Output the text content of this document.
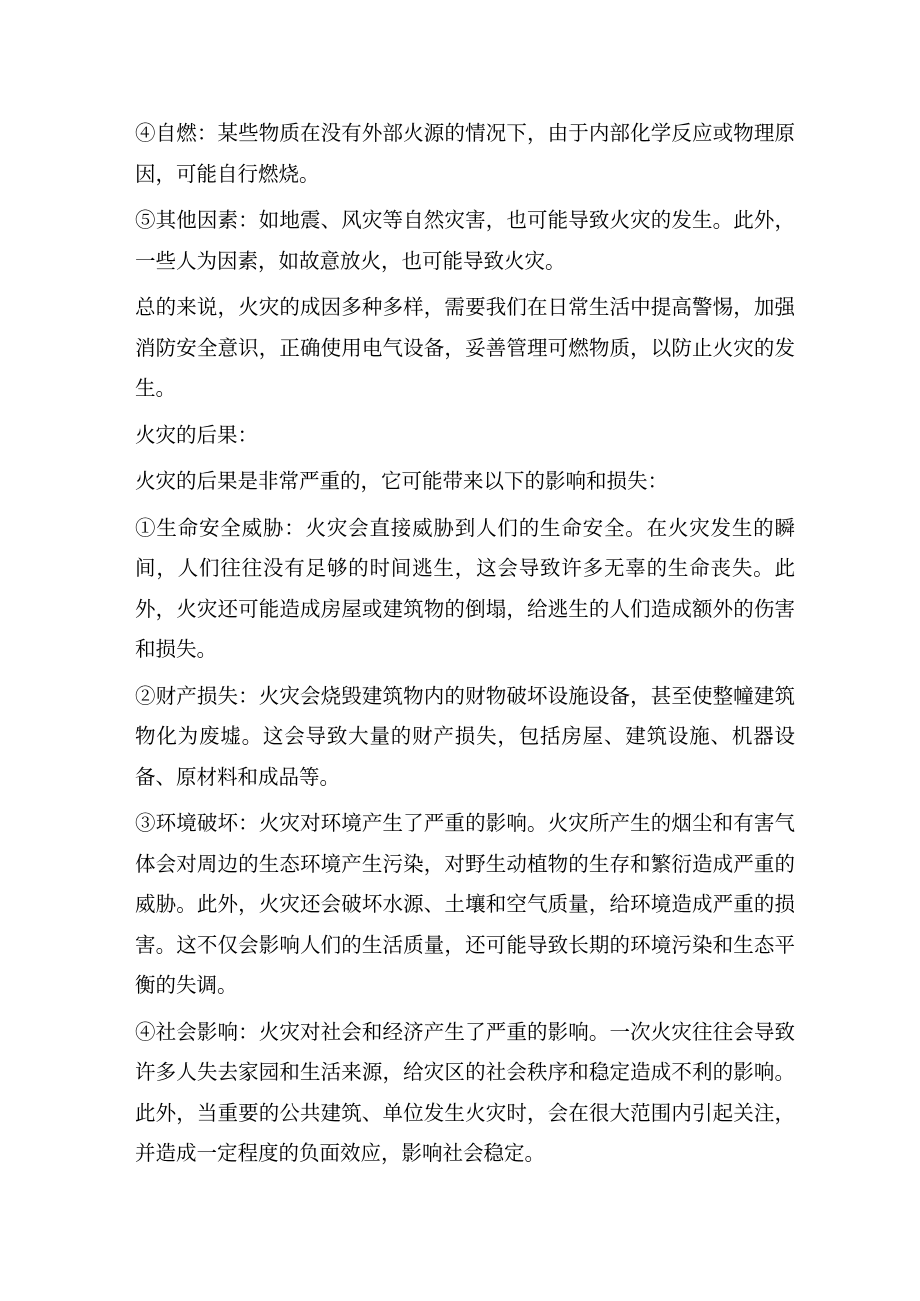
④自燃：某些物质在没有外部火源的情况下，由于内部化学反应或物理原因，可能自行燃烧。

⑤其他因素：如地震、风灾等自然灾害，也可能导致火灾的发生。此外，一些人为因素，如故意放火，也可能导致火灾。

总的来说，火灾的成因多种多样，需要我们在日常生活中提高警惕，加强消防安全意识，正确使用电气设备，妥善管理可燃物质，以防止火灾的发生。

火灾的后果：

火灾的后果是非常严重的，它可能带来以下的影响和损失：

①生命安全威胁：火灾会直接威胁到人们的生命安全。在火灾发生的瞬间，人们往往没有足够的时间逃生，这会导致许多无辜的生命丧失。此外，火灾还可能造成房屋或建筑物的倒塌，给逃生的人们造成额外的伤害和损失。

②财产损失：火灾会烧毁建筑物内的财物破坏设施设备，甚至使整幢建筑物化为废墟。这会导致大量的财产损失，包括房屋、建筑设施、机器设备、原材料和成品等。

③环境破坏：火灾对环境产生了严重的影响。火灾所产生的烟尘和有害气体会对周边的生态环境产生污染，对野生动植物的生存和繁衍造成严重的威胁。此外，火灾还会破坏水源、土壤和空气质量，给环境造成严重的损害。这不仅会影响人们的生活质量，还可能导致长期的环境污染和生态平衡的失调。

④社会影响：火灾对社会和经济产生了严重的影响。一次火灾往往会导致许多人失去家园和生活来源，给灾区的社会秩序和稳定造成不利的影响。此外，当重要的公共建筑、单位发生火灾时，会在很大范围内引起关注，并造成一定程度的负面效应，影响社会稳定。
